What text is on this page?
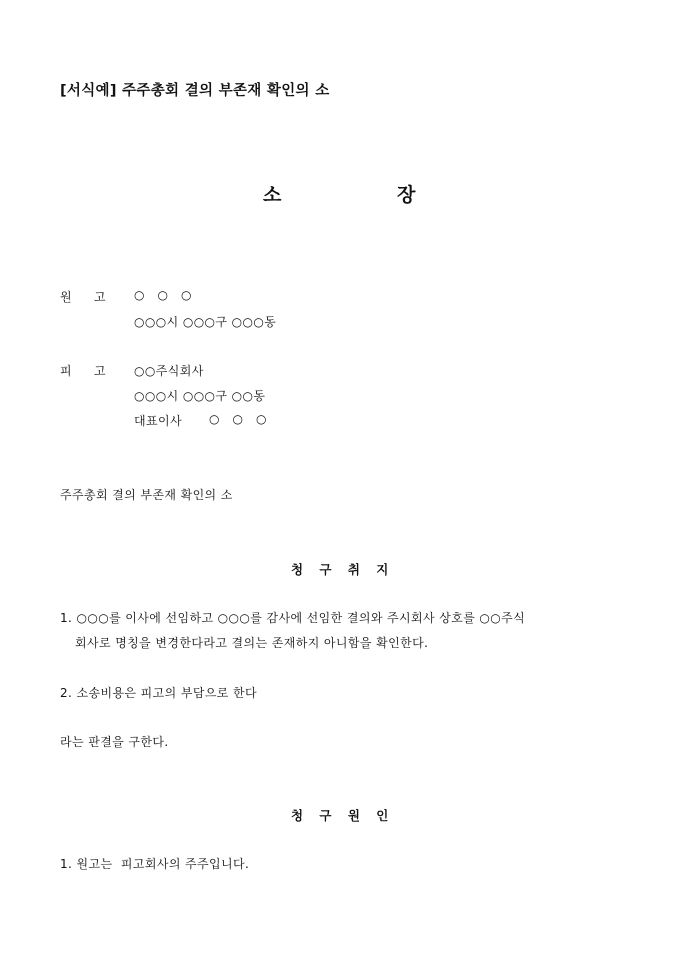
[서식예] 주주총회 결의 부존재 확인의 소
소	장
원 고 ○   ○   ○
○○○시 ○○○구 ○○○동
피 고 ○○주식회사
○○○시 ○○○구 ○○동
대표이사 ○   ○   ○
주주총회 결의 부존재 확인의 소
청 구 취 지
1. ○○○를 이사에 선임하고 ○○○를 감사에 선임한 결의와 주시회사 상호를 ○○주식
회사로 명칭을 변경한다라고 결의는 존재하지 아니함을 확인한다.
2. 소송비용은 피고의 부담으로 한다
라는 판결을 구한다.
청 구 원 인
1. 원고는  피고회사의 주주입니다.
